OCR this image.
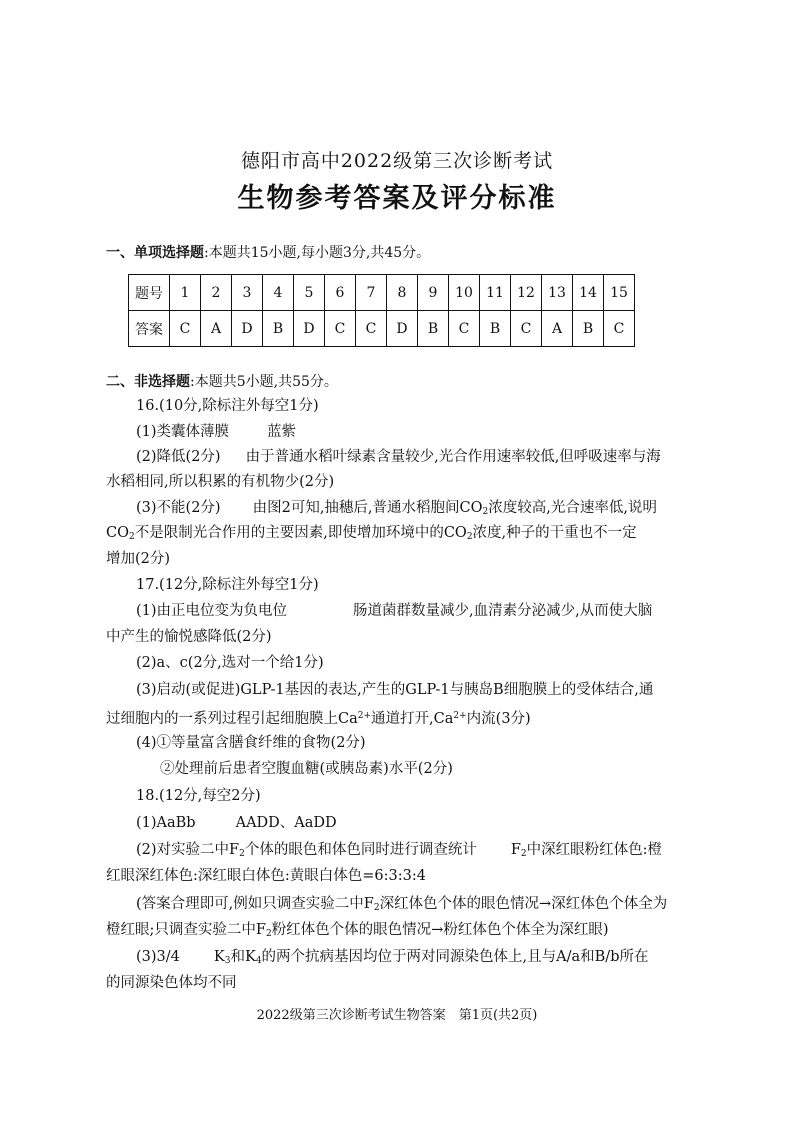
德阳市高中2022级第三次诊断考试
生物参考答案及评分标准
一、单项选择题:本题共15小题,每小题3分,共45分。
题号	1	2	3	4	5	6	7	8	9	10	11	12	13	14	15
答案	C	A	D	B	D	C	C	D	B	C	B	C	A	B	C
二、非选择题:本题共5小题,共55分。
16.(10分,除标注外每空1分)
(1)类囊体薄膜	蓝紫
(2)降低(2分) 由于普通水稻叶绿素含量较少,光合作用速率较低,但呼吸速率与海
水稻相同,所以积累的有机物少(2分)
(3)不能(2分) 由图2可知,抽穗后,普通水稻胞间$CO_2$浓度较高,光合速率低,说明
$CO_2$不是限制光合作用的主要因素,即使增加环境中的$CO_2$浓度,种子的干重也不一定
增加(2分)
17.(12分,除标注外每空1分)
(1)由正电位变为负电位	肠道菌群数量减少,血清素分泌减少,从而使大脑
中产生的愉悦感降低(2分)
(2)a、c(2分,选对一个给1分)
(3)启动(或促进)GLP-1基因的表达,产生的GLP-1与胰岛B细胞膜上的受体结合,通
过细胞内的一系列过程引起细胞膜上$Ca^{2+}$通道打开$,Ca^{2+}$内流(3分)
(4)①等量富含膳食纤维的食物(2分)
②处理前后患者空腹血糖(或胰岛素)水平(2分)
18.(12分,每空2分)
(1)AaBb	AADD、AaDD
(2)对实验二中$F_2$个体的眼色和体色同时进行调查统计 $F_2$中深红眼粉红体色:橙
红眼深红体色:深红眼白体色:黄眼白体色=6:3:3:4
(答案合理即可,例如只调查实验二中$F_2$深红体色个体的眼色情况→深红体色个体全为
橙红眼;只调查实验二中$F_2$粉红体色个体的眼色情况→粉红体色个体全为深红眼)
(3)3/4 $K_3$和$K_4$的两个抗病基因均位于两对同源染色体上,且与A/a和B/b所在
的同源染色体均不同
2022级第三次诊断考试生物答案　第1页(共2页)
